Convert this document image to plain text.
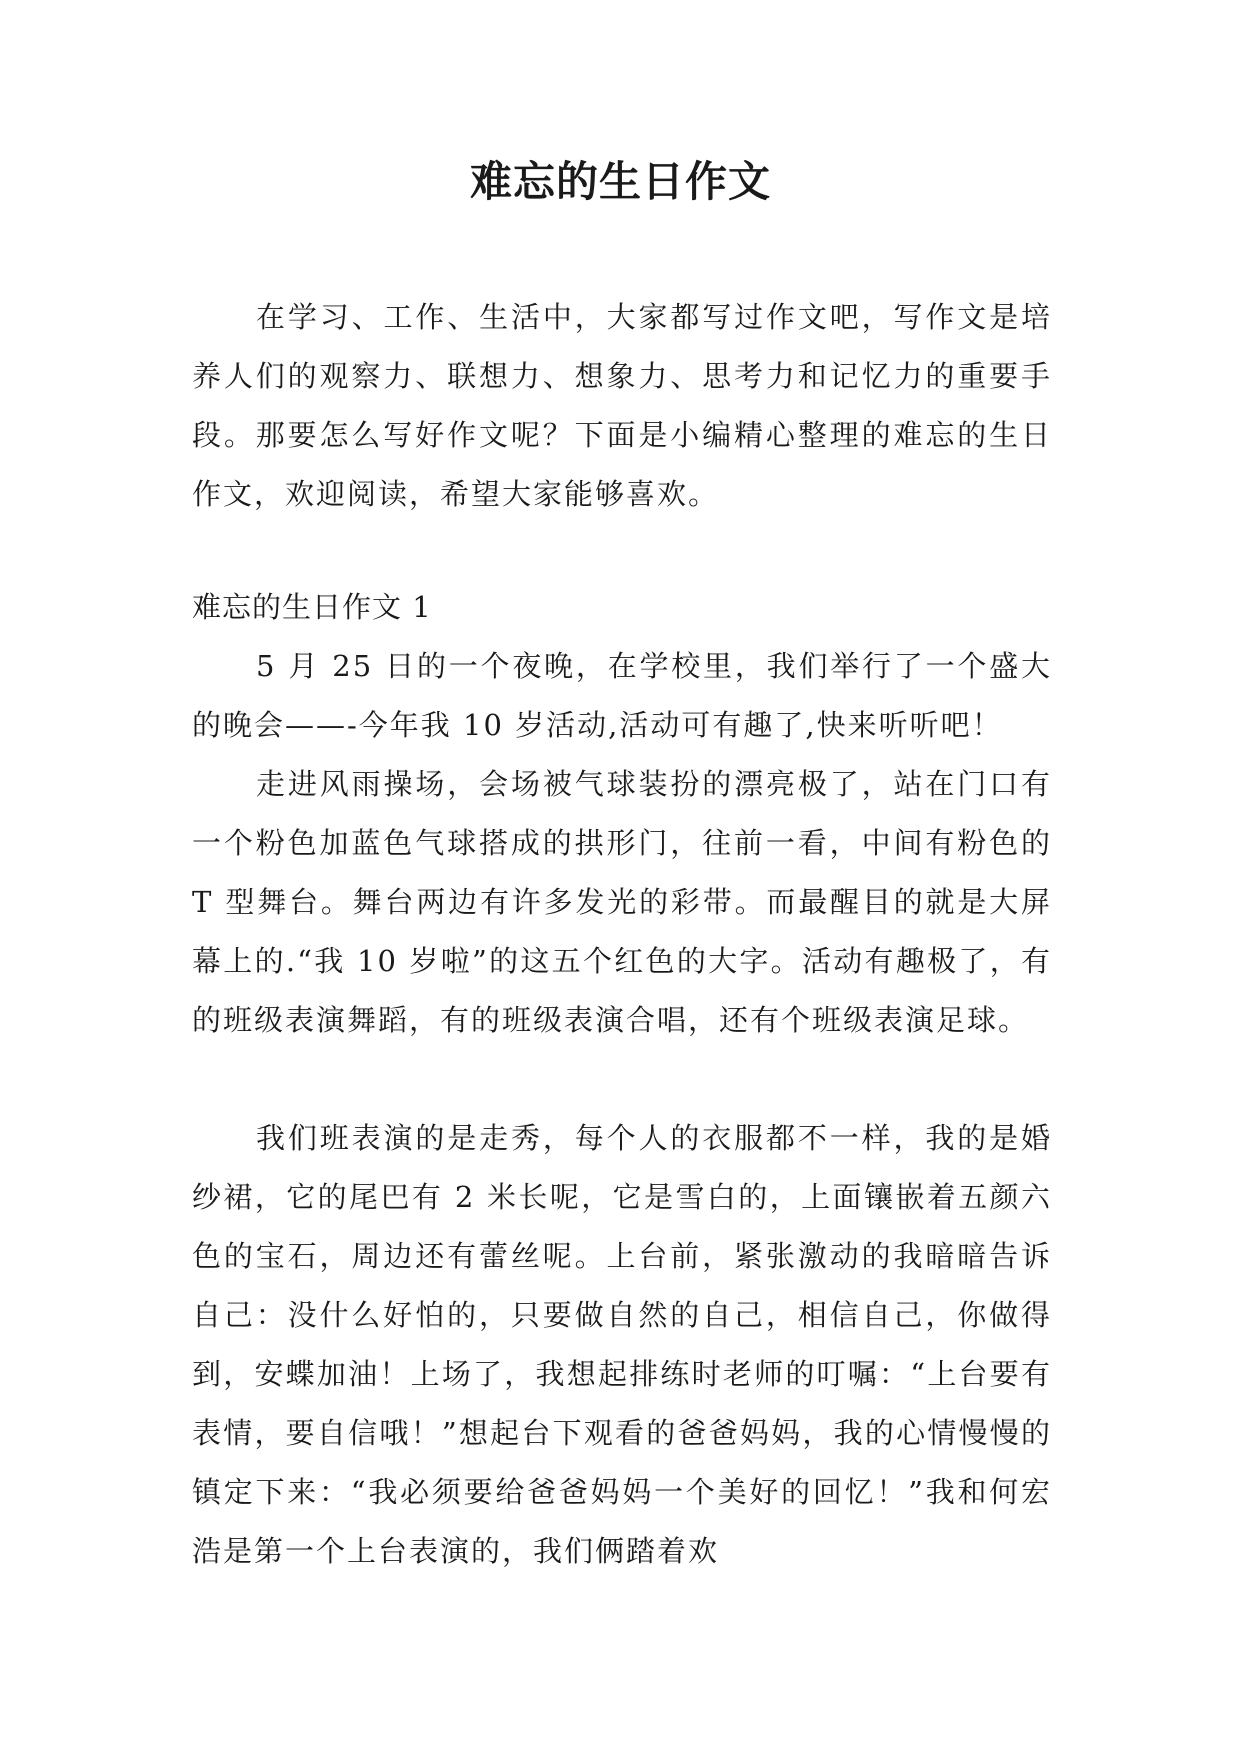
难忘的生日作文

在学习、工作、生活中，大家都写过作文吧，写作文是培养人们的观察力、联想力、想象力、思考力和记忆力的重要手段。那要怎么写好作文呢？下面是小编精心整理的难忘的生日作文，欢迎阅读，希望大家能够喜欢。

难忘的生日作文 1

5 月 25 日的一个夜晚，在学校里，我们举行了一个盛大的晚会——-今年我 10 岁活动,活动可有趣了,快来听听吧！

走进风雨操场，会场被气球装扮的漂亮极了，站在门口有一个粉色加蓝色气球搭成的拱形门，往前一看，中间有粉色的 T 型舞台。舞台两边有许多发光的彩带。而最醒目的就是大屏幕上的.“我 10 岁啦”的这五个红色的大字。活动有趣极了，有的班级表演舞蹈，有的班级表演合唱，还有个班级表演足球。

我们班表演的是走秀，每个人的衣服都不一样，我的是婚纱裙，它的尾巴有 2 米长呢，它是雪白的，上面镶嵌着五颜六色的宝石，周边还有蕾丝呢。上台前，紧张激动的我暗暗告诉自己：没什么好怕的，只要做自然的自己，相信自己，你做得到，安蝶加油！上场了，我想起排练时老师的叮嘱：“上台要有表情，要自信哦！”想起台下观看的爸爸妈妈，我的心情慢慢的镇定下来：“我必须要给爸爸妈妈一个美好的回忆！”我和何宏浩是第一个上台表演的，我们俩踏着欢
